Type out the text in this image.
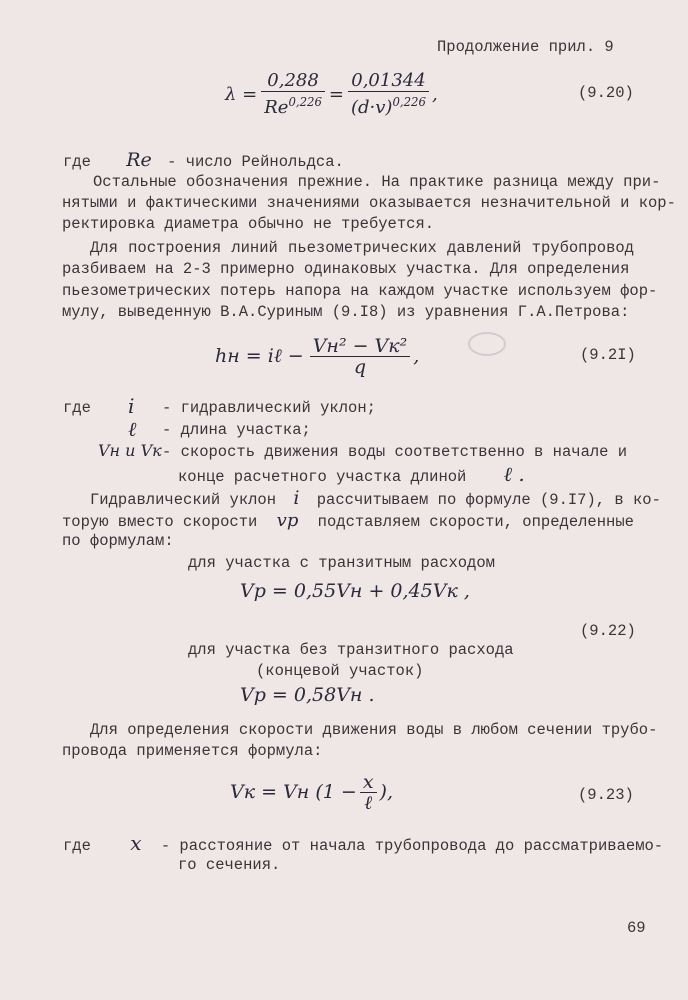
Продолжение прил. 9
$\lambda = \frac{0,288}{Re^{0,226}} = \frac{0,01344}{(d\cdot v)^{0,226}}$ ,	(9.20)
где Re - число Рейнольдса.
Остальные обозначения прежние. На практике разница между при-
нятыми и фактическими значениями оказывается незначительной и кор-
ректировка диаметра обычно не требуется.
Для построения линий пьезометрических давлений трубопровод
разбиваем на 2-3 примерно одинаковых участка. Для определения
пьезометрических потерь напора на каждом участке используем фор-
мулу, выведенную В.А.Суриным (9.I8) из уравнения Г.А.Петрова:
hн = iℓ − $\frac{\text{Vн² − Vк²}}{q}$ ,	(9.2I)
где i - гидравлический уклон;
ℓ - длина участка;
Vн и Vк - скорость движения воды соответственно в начале и
конце расчетного участка длиной ℓ .
Гидравлический уклон i рассчитываем по формуле (9.I7), в ко-
торую вместо скорости vр подставляем скорости, определенные
по формулам:
для участка с транзитным расходом
Vр = 0,55Vн + 0,45Vк ,
(9.22)
для участка без транзитного расхода
(концевой участок)
Vр = 0,58Vн .
Для определения скорости движения воды в любом сечении трубо-
провода применяется формула:
Vк = Vн ($1 - \frac{x}{\text{ℓ}}$ ),	(9.23)
где x - расстояние от начала трубопровода до рассматриваемо-
го сечения.
69
